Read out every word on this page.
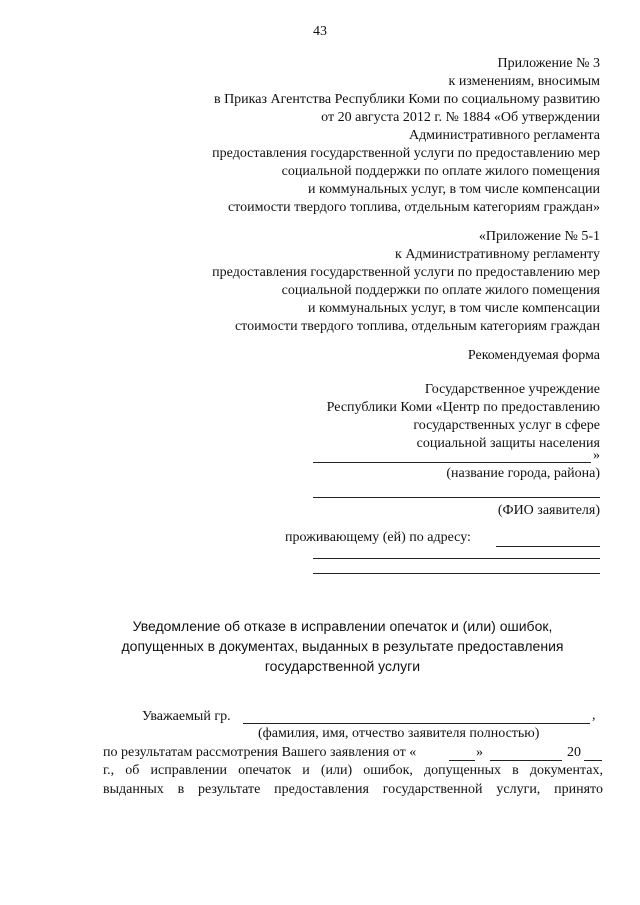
43
Приложение № 3
к изменениям, вносимым
в Приказ Агентства Республики Коми по социальному развитию
от 20 августа 2012 г. № 1884 «Об утверждении
Административного регламента
предоставления государственной услуги по предоставлению мер
социальной поддержки по оплате жилого помещения
и коммунальных услуг, в том числе компенсации
стоимости твердого топлива, отдельным категориям граждан»
«Приложение № 5-1
к Административному регламенту
предоставления государственной услуги по предоставлению мер
социальной поддержки по оплате жилого помещения
и коммунальных услуг, в том числе компенсации
стоимости твердого топлива, отдельным категориям граждан
Рекомендуемая форма
Государственное учреждение
Республики Коми «Центр по предоставлению
государственных услуг в сфере
социальной защиты населения
»
(название города, района)
(ФИО заявителя)
проживающему (ей) по адресу:
Уведомление об отказе в исправлении опечаток и (или) ошибок, допущенных в документах, выданных в результате предоставления государственной услуги
Уважаемый гр.	,
(фамилия, имя, отчество заявителя полностью)
по результатам рассмотрения Вашего заявления от «	»	20
г., об исправлении опечаток и (или) ошибок, допущенных в документах,
выданных в результате предоставления государственной услуги, принято
